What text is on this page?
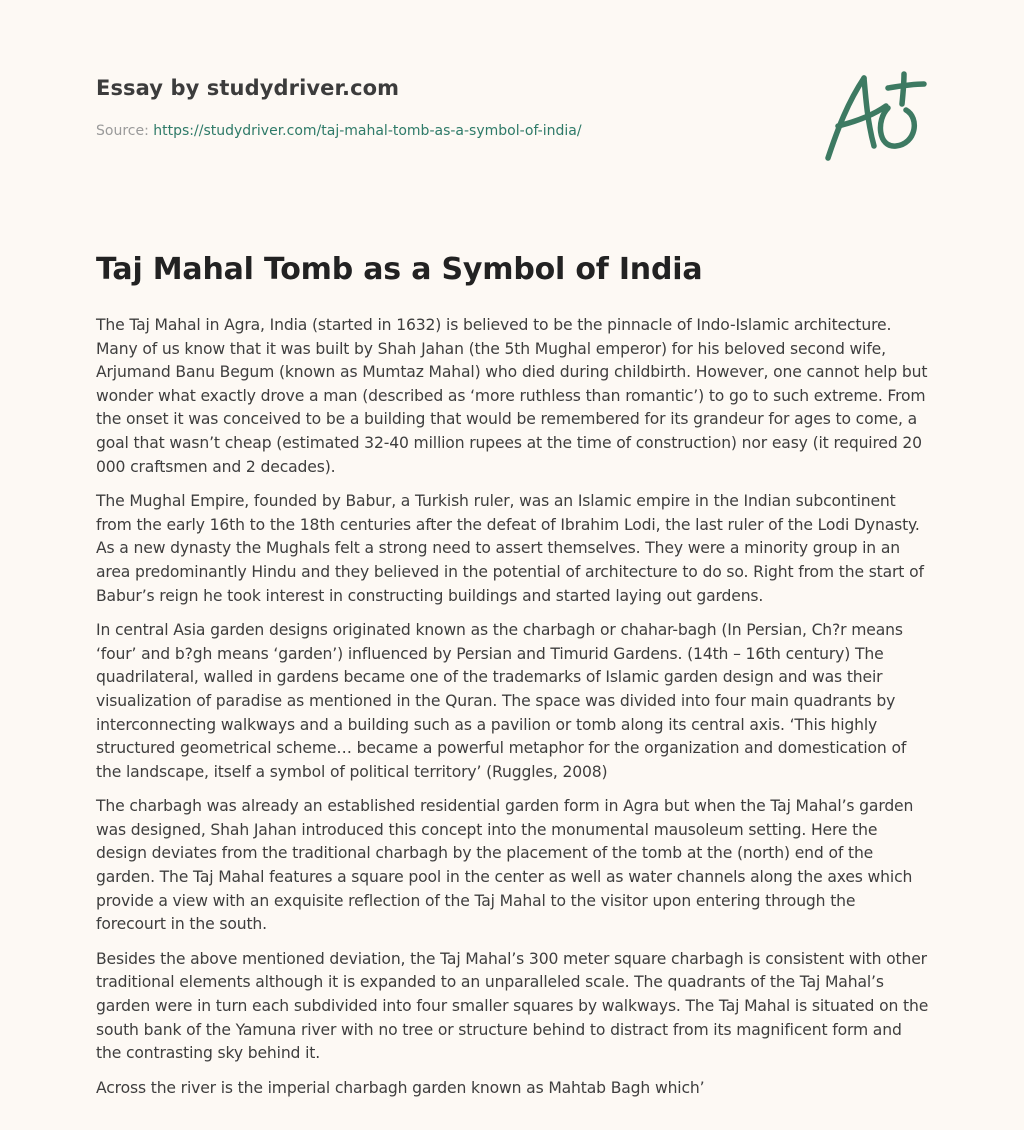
Essay by studydriver.com
Source: https://studydriver.com/taj-mahal-tomb-as-a-symbol-of-india/
Taj Mahal Tomb as a Symbol of India

The Taj Mahal in Agra, India (started in 1632) is believed to be the pinnacle of Indo-Islamic architecture. Many of us know that it was built by Shah Jahan (the 5th Mughal emperor) for his beloved second wife, Arjumand Banu Begum (known as Mumtaz Mahal) who died during childbirth. However, one cannot help but wonder what exactly drove a man (described as ‘more ruthless than romantic’) to go to such extreme. From the onset it was conceived to be a building that would be remembered for its grandeur for ages to come, a goal that wasn’t cheap (estimated 32-40 million rupees at the time of construction) nor easy (it required 20 000 craftsmen and 2 decades).

The Mughal Empire, founded by Babur, a Turkish ruler, was an Islamic empire in the Indian subcontinent from the early 16th to the 18th centuries after the defeat of Ibrahim Lodi, the last ruler of the Lodi Dynasty. As a new dynasty the Mughals felt a strong need to assert themselves. They were a minority group in an area predominantly Hindu and they believed in the potential of architecture to do so. Right from the start of Babur’s reign he took interest in constructing buildings and started laying out gardens.

In central Asia garden designs originated known as the charbagh or chahar-bagh (In Persian, Ch?r means ‘four’ and b?gh means ‘garden’) influenced by Persian and Timurid Gardens. (14th – 16th century) The quadrilateral, walled in gardens became one of the trademarks of Islamic garden design and was their visualization of paradise as mentioned in the Quran. The space was divided into four main quadrants by interconnecting walkways and a building such as a pavilion or tomb along its central axis. ‘This highly structured geometrical scheme… became a powerful metaphor for the organization and domestication of the landscape, itself a symbol of political territory’ (Ruggles, 2008)

The charbagh was already an established residential garden form in Agra but when the Taj Mahal’s garden was designed, Shah Jahan introduced this concept into the monumental mausoleum setting. Here the design deviates from the traditional charbagh by the placement of the tomb at the (north) end of the garden. The Taj Mahal features a square pool in the center as well as water channels along the axes which provide a view with an exquisite reflection of the Taj Mahal to the visitor upon entering through the forecourt in the south.

Besides the above mentioned deviation, the Taj Mahal’s 300 meter square charbagh is consistent with other traditional elements although it is expanded to an unparalleled scale. The quadrants of the Taj Mahal’s garden were in turn each subdivided into four smaller squares by walkways. The Taj Mahal is situated on the south bank of the Yamuna river with no tree or structure behind to distract from its magnificent form and the contrasting sky behind it.

Across the river is the imperial charbagh garden known as Mahtab Bagh which’
